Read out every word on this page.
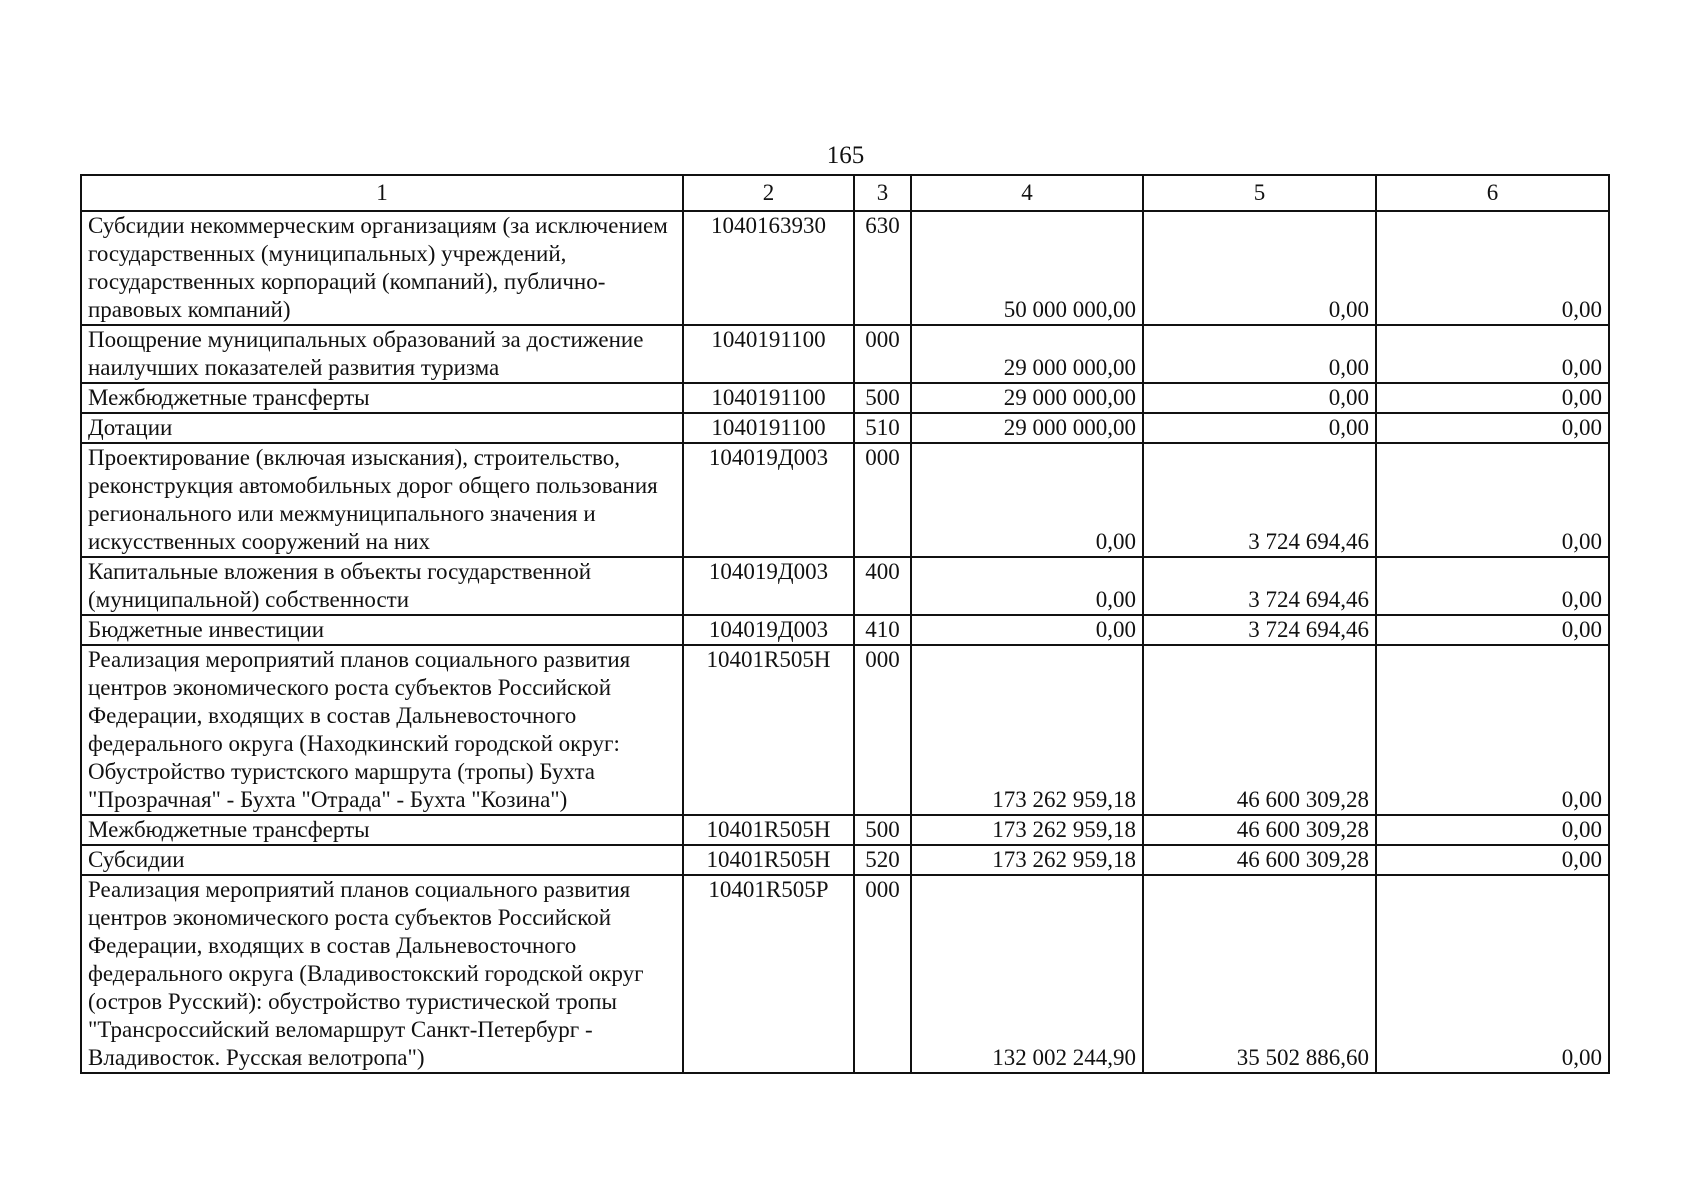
165
1	2	3	4	5	6
Субсидии некоммерческим организациям (за исключением государственных (муниципальных) учреждений, государственных корпораций (компаний), публично-правовых компаний)	1040163930	630	50 000 000,00	0,00	0,00
Поощрение муниципальных образований за достижение наилучших показателей развития туризма	1040191100	000	29 000 000,00	0,00	0,00
Межбюджетные трансферты	1040191100	500	29 000 000,00	0,00	0,00
Дотации	1040191100	510	29 000 000,00	0,00	0,00
Проектирование (включая изыскания), строительство, реконструкция автомобильных дорог общего пользования регионального или межмуниципального значения и искусственных сооружений на них	104019Д003	000	0,00	3 724 694,46	0,00
Капитальные вложения в объекты государственной (муниципальной) собственности	104019Д003	400	0,00	3 724 694,46	0,00
Бюджетные инвестиции	104019Д003	410	0,00	3 724 694,46	0,00
Реализация мероприятий планов социального развития центров экономического роста субъектов Российской Федерации, входящих в состав Дальневосточного федерального округа (Находкинский городской округ: Обустройство туристского маршрута (тропы) Бухта "Прозрачная" - Бухта "Отрада" - Бухта "Козина")	10401R505Н	000	173 262 959,18	46 600 309,28	0,00
Межбюджетные трансферты	10401R505Н	500	173 262 959,18	46 600 309,28	0,00
Субсидии	10401R505Н	520	173 262 959,18	46 600 309,28	0,00
Реализация мероприятий планов социального развития центров экономического роста субъектов Российской Федерации, входящих в состав Дальневосточного федерального округа (Владивостокский городской округ (остров Русский): обустройство туристической тропы "Трансроссийский веломаршрут Санкт-Петербург - Владивосток. Русская велотропа")	10401R505Р	000	132 002 244,90	35 502 886,60	0,00
